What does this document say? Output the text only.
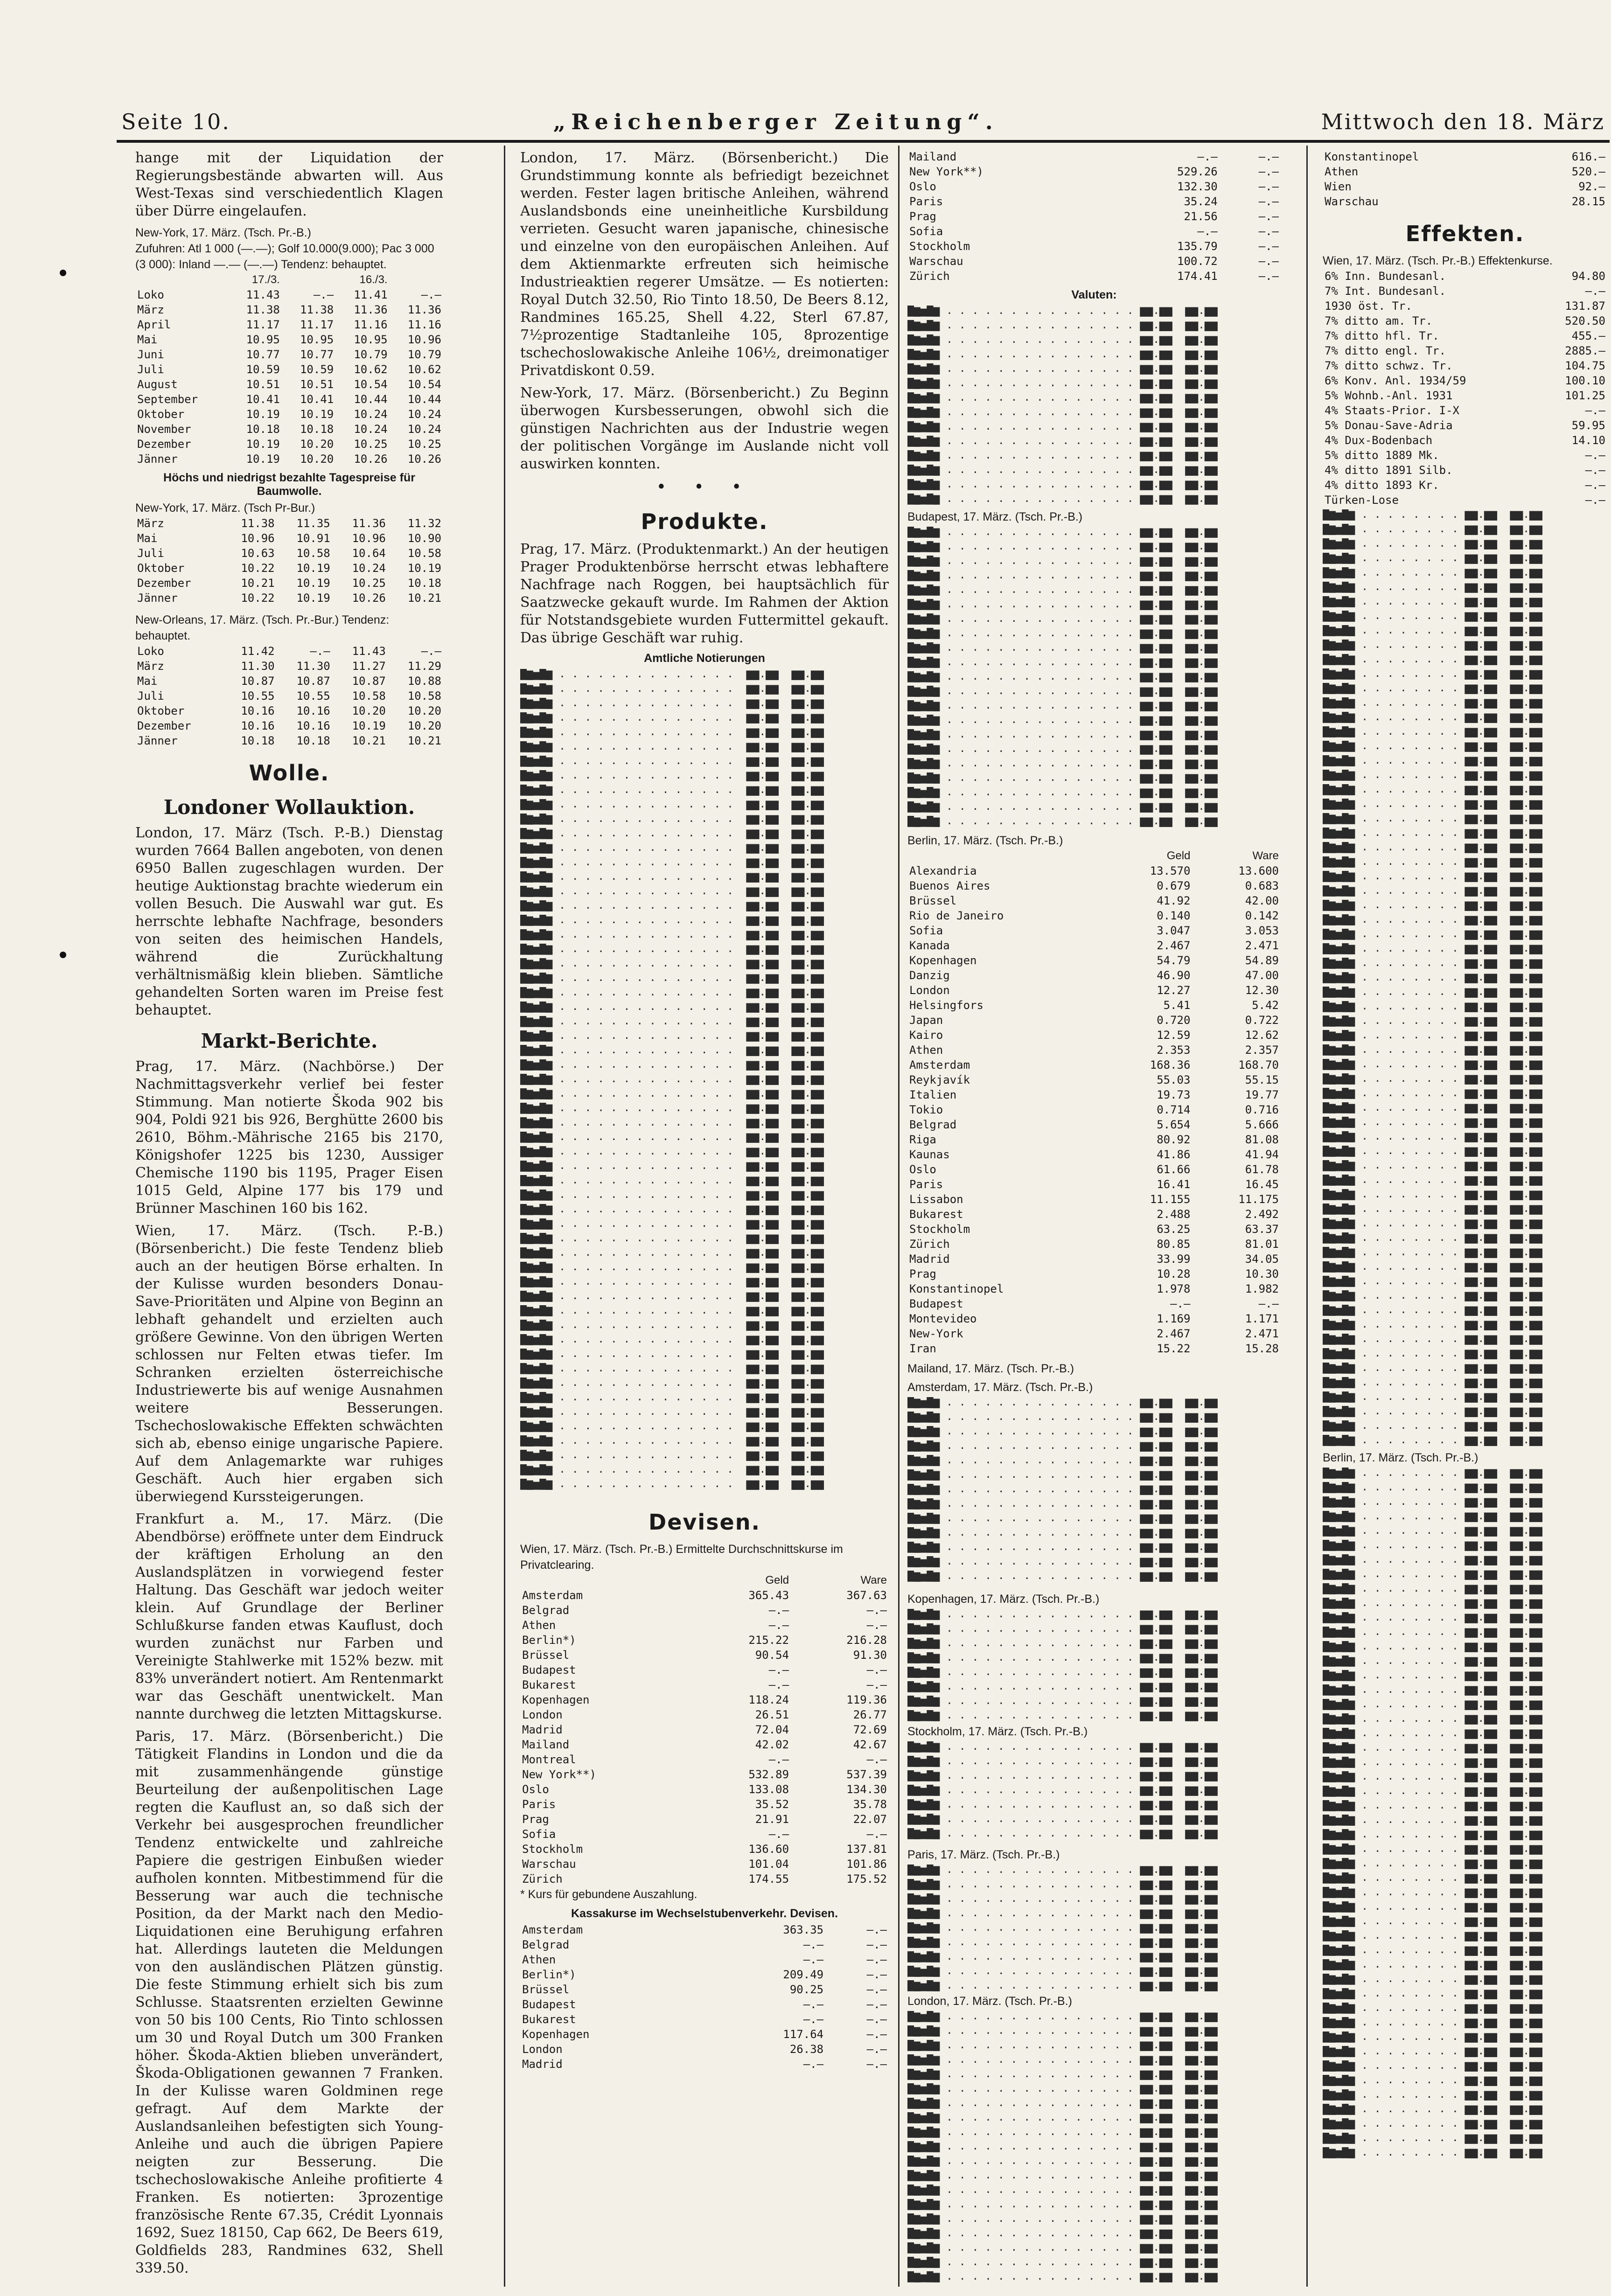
Seite 10.	„Reichenberger Zeitung“.	Mittwoch den 18. März

hange mit der Liquidation der Regierungsbestände abwarten will. Aus West-Texas sind verschiedentlich Klagen über Dürre eingelaufen.

New-York, 17. März. (Tsch. Pr.-B.)
Zufuhren: Atl 1 000 (—.—); Golf 10.000(9.000); Pac 3 000 (3 000): Inland —.— (—.—) Tendenz: behauptet.
	17./3.		16./3.	
Loko	11.43	—.—	11.41	—.—
März	11.38	11.38	11.36	11.36
April	11.17	11.17	11.16	11.16
Mai	10.95	10.95	10.95	10.96
Juni	10.77	10.77	10.79	10.79
Juli	10.59	10.59	10.62	10.62
August	10.51	10.51	10.54	10.54
September	10.41	10.41	10.44	10.44
Oktober	10.19	10.19	10.24	10.24
November	10.18	10.18	10.24	10.24
Dezember	10.19	10.20	10.25	10.25
Jänner	10.19	10.20	10.26	10.26
Höchs und niedrigst bezahlte Tagespreise für Baumwolle.
New-York, 17. März. (Tsch Pr-Bur.)
März	11.38	11.35	11.36	11.32
Mai	10.96	10.91	10.96	10.90
Juli	10.63	10.58	10.64	10.58
Oktober	10.22	10.19	10.24	10.19
Dezember	10.21	10.19	10.25	10.18
Jänner	10.22	10.19	10.26	10.21
New-Orleans, 17. März. (Tsch. Pr.-Bur.) Tendenz: behauptet.
Loko	11.42	—.—	11.43	—.—
März	11.30	11.30	11.27	11.29
Mai	10.87	10.87	10.87	10.88
Juli	10.55	10.55	10.58	10.58
Oktober	10.16	10.16	10.20	10.20
Dezember	10.16	10.16	10.19	10.20
Jänner	10.18	10.18	10.21	10.21
Wolle.
Londoner Wollauktion.

London, 17. März (Tsch. P.-B.) Dienstag wurden 7664 Ballen angeboten, von denen 6950 Ballen zugeschlagen wurden. Der heutige Auktionstag brachte wiederum ein vollen Besuch. Die Auswahl war gut. Es herrschte lebhafte Nachfrage, besonders von seiten des heimischen Handels, während die Zurückhaltung verhältnismäßig klein blieben. Sämtliche gehandelten Sorten waren im Preise fest behauptet.

Markt-Berichte.

Prag, 17. März. (Nachbörse.) Der Nachmittagsverkehr verlief bei fester Stimmung. Man notierte Škoda 902 bis 904, Poldi 921 bis 926, Berghütte 2600 bis 2610, Böhm.-Mährische 2165 bis 2170, Königshofer 1225 bis 1230, Aussiger Chemische 1190 bis 1195, Prager Eisen 1015 Geld, Alpine 177 bis 179 und Brünner Maschinen 160 bis 162.

Wien, 17. März. (Tsch. P.-B.) (Börsenbericht.) Die feste Tendenz blieb auch an der heutigen Börse erhalten. In der Kulisse wurden besonders Donau-Save-Prioritäten und Alpine von Beginn an lebhaft gehandelt und erzielten auch größere Gewinne. Von den übrigen Werten schlossen nur Felten etwas tiefer. Im Schranken erzielten österreichische Industriewerte bis auf wenige Ausnahmen weitere Besserungen. Tschechoslowakische Effekten schwächten sich ab, ebenso einige ungarische Papiere. Auf dem Anlagemarkte war ruhiges Geschäft. Auch hier ergaben sich überwiegend Kurssteigerungen.

Frankfurt a. M., 17. März. (Die Abendbörse) eröffnete unter dem Eindruck der kräftigen Erholung an den Auslandsplätzen in vorwiegend fester Haltung. Das Geschäft war jedoch weiter klein. Auf Grundlage der Berliner Schlußkurse fanden etwas Kauflust, doch wurden zunächst nur Farben und Vereinigte Stahlwerke mit 152% bezw. mit 83% unverändert notiert. Am Rentenmarkt war das Geschäft unentwickelt. Man nannte durchweg die letzten Mittagskurse.

Paris, 17. März. (Börsenbericht.) Die Tätigkeit Flandins in London und die da mit zusammenhängende günstige Beurteilung der außenpolitischen Lage regten die Kauflust an, so daß sich der Verkehr bei ausgesprochen freundlicher Tendenz entwickelte und zahlreiche Papiere die gestrigen Einbußen wieder aufholen konnten. Mitbestimmend für die Besserung war auch die technische Position, da der Markt nach den Medio-Liquidationen eine Beruhigung erfahren hat. Allerdings lauteten die Meldungen von den ausländischen Plätzen günstig. Die feste Stimmung erhielt sich bis zum Schlusse. Staatsrenten erzielten Gewinne von 50 bis 100 Cents, Rio Tinto schlossen um 30 und Royal Dutch um 300 Franken höher. Škoda-Aktien blieben unverändert, Škoda-Obligationen gewannen 7 Franken. In der Kulisse waren Goldminen rege gefragt. Auf dem Markte der Auslandsanleihen befestigten sich Young-Anleihe und auch die übrigen Papiere neigten zur Besserung. Die tschechoslowakische Anleihe profitierte 4 Franken. Es notierten: 3prozentige französische Rente 67.35, Crédit Lyonnais 1692, Suez 18150, Cap 662, De Beers 619, Goldfields 283, Randmines 632, Shell 339.50.

London, 17. März. (Börsenbericht.) Die Grundstimmung konnte als befriedigt bezeichnet werden. Fester lagen britische Anleihen, während Auslandsbonds eine uneinheitliche Kursbildung verrieten. Gesucht waren japanische, chinesische und einzelne von den europäischen Anleihen. Auf dem Aktienmarkte erfreuten sich heimische Industrieaktien regerer Umsätze. — Es notierten: Royal Dutch 32.50, Rio Tinto 18.50, De Beers 8.12, Randmines 165.25, Shell 4.22, Sterl 67.87, 7½prozentige Stadtanleihe 105, 8prozentige tschechoslowakische Anleihe 106½, dreimonatiger Privatdiskont 0.59.

New-York, 17. März. (Börsenbericht.) Zu Beginn überwogen Kursbesserungen, obwohl sich die günstigen Nachrichten aus der Industrie wegen der politischen Vorgänge im Auslande nicht voll auswirken konnten.

• • •
Produkte.

Prag, 17. März. (Produktenmarkt.) An der heutigen Prager Produktenbörse herrscht etwas lebhaftere Nachfrage nach Roggen, bei hauptsächlich für Saatzwecke gekauft wurde. Im Rahmen der Aktion für Notstandsgebiete wurden Futtermittel gekauft. Das übrige Geschäft war ruhig.

Amtliche Notierungen
▇▆▅▇▆ . . . . . . . . . . . . . .  ▆▆.▆▆  ▆▆.▆▆
▇▆▅▇▆ . . . . . . . . . . . . . .  ▆▆.▆▆  ▆▆.▆▆
▇▆▅▇▆ . . . . . . . . . . . . . .  ▆▆.▆▆  ▆▆.▆▆
▇▆▅▇▆ . . . . . . . . . . . . . .  ▆▆.▆▆  ▆▆.▆▆
▇▆▅▇▆ . . . . . . . . . . . . . .  ▆▆.▆▆  ▆▆.▆▆
▇▆▅▇▆ . . . . . . . . . . . . . .  ▆▆.▆▆  ▆▆.▆▆
▇▆▅▇▆ . . . . . . . . . . . . . .  ▆▆.▆▆  ▆▆.▆▆
▇▆▅▇▆ . . . . . . . . . . . . . .  ▆▆.▆▆  ▆▆.▆▆
▇▆▅▇▆ . . . . . . . . . . . . . .  ▆▆.▆▆  ▆▆.▆▆
▇▆▅▇▆ . . . . . . . . . . . . . .  ▆▆.▆▆  ▆▆.▆▆
▇▆▅▇▆ . . . . . . . . . . . . . .  ▆▆.▆▆  ▆▆.▆▆
▇▆▅▇▆ . . . . . . . . . . . . . .  ▆▆.▆▆  ▆▆.▆▆
▇▆▅▇▆ . . . . . . . . . . . . . .  ▆▆.▆▆  ▆▆.▆▆
▇▆▅▇▆ . . . . . . . . . . . . . .  ▆▆.▆▆  ▆▆.▆▆
▇▆▅▇▆ . . . . . . . . . . . . . .  ▆▆.▆▆  ▆▆.▆▆
▇▆▅▇▆ . . . . . . . . . . . . . .  ▆▆.▆▆  ▆▆.▆▆
▇▆▅▇▆ . . . . . . . . . . . . . .  ▆▆.▆▆  ▆▆.▆▆
▇▆▅▇▆ . . . . . . . . . . . . . .  ▆▆.▆▆  ▆▆.▆▆
▇▆▅▇▆ . . . . . . . . . . . . . .  ▆▆.▆▆  ▆▆.▆▆
▇▆▅▇▆ . . . . . . . . . . . . . .  ▆▆.▆▆  ▆▆.▆▆
▇▆▅▇▆ . . . . . . . . . . . . . .  ▆▆.▆▆  ▆▆.▆▆
▇▆▅▇▆ . . . . . . . . . . . . . .  ▆▆.▆▆  ▆▆.▆▆
▇▆▅▇▆ . . . . . . . . . . . . . .  ▆▆.▆▆  ▆▆.▆▆
▇▆▅▇▆ . . . . . . . . . . . . . .  ▆▆.▆▆  ▆▆.▆▆
▇▆▅▇▆ . . . . . . . . . . . . . .  ▆▆.▆▆  ▆▆.▆▆
▇▆▅▇▆ . . . . . . . . . . . . . .  ▆▆.▆▆  ▆▆.▆▆
▇▆▅▇▆ . . . . . . . . . . . . . .  ▆▆.▆▆  ▆▆.▆▆
▇▆▅▇▆ . . . . . . . . . . . . . .  ▆▆.▆▆  ▆▆.▆▆
▇▆▅▇▆ . . . . . . . . . . . . . .  ▆▆.▆▆  ▆▆.▆▆
▇▆▅▇▆ . . . . . . . . . . . . . .  ▆▆.▆▆  ▆▆.▆▆
▇▆▅▇▆ . . . . . . . . . . . . . .  ▆▆.▆▆  ▆▆.▆▆
▇▆▅▇▆ . . . . . . . . . . . . . .  ▆▆.▆▆  ▆▆.▆▆
▇▆▅▇▆ . . . . . . . . . . . . . .  ▆▆.▆▆  ▆▆.▆▆
▇▆▅▇▆ . . . . . . . . . . . . . .  ▆▆.▆▆  ▆▆.▆▆
▇▆▅▇▆ . . . . . . . . . . . . . .  ▆▆.▆▆  ▆▆.▆▆
▇▆▅▇▆ . . . . . . . . . . . . . .  ▆▆.▆▆  ▆▆.▆▆
▇▆▅▇▆ . . . . . . . . . . . . . .  ▆▆.▆▆  ▆▆.▆▆
▇▆▅▇▆ . . . . . . . . . . . . . .  ▆▆.▆▆  ▆▆.▆▆
▇▆▅▇▆ . . . . . . . . . . . . . .  ▆▆.▆▆  ▆▆.▆▆
▇▆▅▇▆ . . . . . . . . . . . . . .  ▆▆.▆▆  ▆▆.▆▆
▇▆▅▇▆ . . . . . . . . . . . . . .  ▆▆.▆▆  ▆▆.▆▆
▇▆▅▇▆ . . . . . . . . . . . . . .  ▆▆.▆▆  ▆▆.▆▆
▇▆▅▇▆ . . . . . . . . . . . . . .  ▆▆.▆▆  ▆▆.▆▆
▇▆▅▇▆ . . . . . . . . . . . . . .  ▆▆.▆▆  ▆▆.▆▆
▇▆▅▇▆ . . . . . . . . . . . . . .  ▆▆.▆▆  ▆▆.▆▆
▇▆▅▇▆ . . . . . . . . . . . . . .  ▆▆.▆▆  ▆▆.▆▆
▇▆▅▇▆ . . . . . . . . . . . . . .  ▆▆.▆▆  ▆▆.▆▆
▇▆▅▇▆ . . . . . . . . . . . . . .  ▆▆.▆▆  ▆▆.▆▆
▇▆▅▇▆ . . . . . . . . . . . . . .  ▆▆.▆▆  ▆▆.▆▆
▇▆▅▇▆ . . . . . . . . . . . . . .  ▆▆.▆▆  ▆▆.▆▆
▇▆▅▇▆ . . . . . . . . . . . . . .  ▆▆.▆▆  ▆▆.▆▆
▇▆▅▇▆ . . . . . . . . . . . . . .  ▆▆.▆▆  ▆▆.▆▆
▇▆▅▇▆ . . . . . . . . . . . . . .  ▆▆.▆▆  ▆▆.▆▆
▇▆▅▇▆ . . . . . . . . . . . . . .  ▆▆.▆▆  ▆▆.▆▆
▇▆▅▇▆ . . . . . . . . . . . . . .  ▆▆.▆▆  ▆▆.▆▆
▇▆▅▇▆ . . . . . . . . . . . . . .  ▆▆.▆▆  ▆▆.▆▆
▇▆▅▇▆ . . . . . . . . . . . . . .  ▆▆.▆▆  ▆▆.▆▆

Devisen.
Wien, 17. März. (Tsch. Pr.-B.) Ermittelte Durchschnittskurse im Privatclearing.
	Geld	Ware
Amsterdam	365.43	367.63
Belgrad	—.—	—.—
Athen	—.—	—.—
Berlin*)	215.22	216.28
Brüssel	90.54	91.30
Budapest	—.—	—.—
Bukarest	—.—	—.—
Kopenhagen	118.24	119.36
London	26.51	26.77
Madrid	72.04	72.69
Mailand	42.02	42.67
Montreal	—.—	—.—
New York**)	532.89	537.39
Oslo	133.08	134.30
Paris	35.52	35.78
Prag	21.91	22.07
Sofia	—.—	—.—
Stockholm	136.60	137.81
Warschau	101.04	101.86
Zürich	174.55	175.52
* Kurs für gebundene Auszahlung.
Kassakurse im Wechselstubenverkehr. Devisen.
Amsterdam	363.35	—.—
Belgrad	—.—	—.—
Athen	—.—	—.—
Berlin*)	209.49	—.—
Brüssel	90.25	—.—
Budapest	—.—	—.—
Bukarest	—.—	—.—
Kopenhagen	117.64	—.—
London	26.38	—.—
Madrid	—.—	—.—
Mailand	—.—	—.—
New York**)	529.26	—.—
Oslo	132.30	—.—
Paris	35.24	—.—
Prag	21.56	—.—
Sofia	—.—	—.—
Stockholm	135.79	—.—
Warschau	100.72	—.—
Zürich	174.41	—.—
Valuten:
▇▆▅▇▆ . . . . . . . . . . . . . . . ▆▆.▆▆  ▆▆.▆▆
▇▆▅▇▆ . . . . . . . . . . . . . . . ▆▆.▆▆  ▆▆.▆▆
▇▆▅▇▆ . . . . . . . . . . . . . . . ▆▆.▆▆  ▆▆.▆▆
▇▆▅▇▆ . . . . . . . . . . . . . . . ▆▆.▆▆  ▆▆.▆▆
▇▆▅▇▆ . . . . . . . . . . . . . . . ▆▆.▆▆  ▆▆.▆▆
▇▆▅▇▆ . . . . . . . . . . . . . . . ▆▆.▆▆  ▆▆.▆▆
▇▆▅▇▆ . . . . . . . . . . . . . . . ▆▆.▆▆  ▆▆.▆▆
▇▆▅▇▆ . . . . . . . . . . . . . . . ▆▆.▆▆  ▆▆.▆▆
▇▆▅▇▆ . . . . . . . . . . . . . . . ▆▆.▆▆  ▆▆.▆▆
▇▆▅▇▆ . . . . . . . . . . . . . . . ▆▆.▆▆  ▆▆.▆▆
▇▆▅▇▆ . . . . . . . . . . . . . . . ▆▆.▆▆  ▆▆.▆▆
▇▆▅▇▆ . . . . . . . . . . . . . . . ▆▆.▆▆  ▆▆.▆▆
▇▆▅▇▆ . . . . . . . . . . . . . . . ▆▆.▆▆  ▆▆.▆▆
▇▆▅▇▆ . . . . . . . . . . . . . . . ▆▆.▆▆  ▆▆.▆▆

Budapest, 17. März. (Tsch. Pr.-B.)
▇▆▅▇▆ . . . . . . . . . . . . . . . ▆▆.▆▆  ▆▆.▆▆
▇▆▅▇▆ . . . . . . . . . . . . . . . ▆▆.▆▆  ▆▆.▆▆
▇▆▅▇▆ . . . . . . . . . . . . . . . ▆▆.▆▆  ▆▆.▆▆
▇▆▅▇▆ . . . . . . . . . . . . . . . ▆▆.▆▆  ▆▆.▆▆
▇▆▅▇▆ . . . . . . . . . . . . . . . ▆▆.▆▆  ▆▆.▆▆
▇▆▅▇▆ . . . . . . . . . . . . . . . ▆▆.▆▆  ▆▆.▆▆
▇▆▅▇▆ . . . . . . . . . . . . . . . ▆▆.▆▆  ▆▆.▆▆
▇▆▅▇▆ . . . . . . . . . . . . . . . ▆▆.▆▆  ▆▆.▆▆
▇▆▅▇▆ . . . . . . . . . . . . . . . ▆▆.▆▆  ▆▆.▆▆
▇▆▅▇▆ . . . . . . . . . . . . . . . ▆▆.▆▆  ▆▆.▆▆
▇▆▅▇▆ . . . . . . . . . . . . . . . ▆▆.▆▆  ▆▆.▆▆
▇▆▅▇▆ . . . . . . . . . . . . . . . ▆▆.▆▆  ▆▆.▆▆
▇▆▅▇▆ . . . . . . . . . . . . . . . ▆▆.▆▆  ▆▆.▆▆
▇▆▅▇▆ . . . . . . . . . . . . . . . ▆▆.▆▆  ▆▆.▆▆
▇▆▅▇▆ . . . . . . . . . . . . . . . ▆▆.▆▆  ▆▆.▆▆
▇▆▅▇▆ . . . . . . . . . . . . . . . ▆▆.▆▆  ▆▆.▆▆
▇▆▅▇▆ . . . . . . . . . . . . . . . ▆▆.▆▆  ▆▆.▆▆
▇▆▅▇▆ . . . . . . . . . . . . . . . ▆▆.▆▆  ▆▆.▆▆
▇▆▅▇▆ . . . . . . . . . . . . . . . ▆▆.▆▆  ▆▆.▆▆
▇▆▅▇▆ . . . . . . . . . . . . . . . ▆▆.▆▆  ▆▆.▆▆
▇▆▅▇▆ . . . . . . . . . . . . . . . ▆▆.▆▆  ▆▆.▆▆

Berlin, 17. März. (Tsch. Pr.-B.)
	Geld	Ware
Alexandria	13.570	13.600
Buenos Aires	0.679	0.683
Brüssel	41.92	42.00
Rio de Janeiro	0.140	0.142
Sofia	3.047	3.053
Kanada	2.467	2.471
Kopenhagen	54.79	54.89
Danzig	46.90	47.00
London	12.27	12.30
Helsingfors	5.41	5.42
Japan	0.720	0.722
Kairo	12.59	12.62
Athen	2.353	2.357
Amsterdam	168.36	168.70
Reykjavík	55.03	55.15
Italien	19.73	19.77
Tokio	0.714	0.716
Belgrad	5.654	5.666
Riga	80.92	81.08
Kaunas	41.86	41.94
Oslo	61.66	61.78
Paris	16.41	16.45
Lissabon	11.155	11.175
Bukarest	2.488	2.492
Stockholm	63.25	63.37
Zürich	80.85	81.01
Madrid	33.99	34.05
Prag	10.28	10.30
Konstantinopel	1.978	1.982
Budapest	—.—	—.—
Montevideo	1.169	1.171
New-York	2.467	2.471
Iran	15.22	15.28
Mailand, 17. März. (Tsch. Pr.-B.)
Amsterdam, 17. März. (Tsch. Pr.-B.)
▇▆▅▇▆ . . . . . . . . . . . . . . . ▆▆.▆▆  ▆▆.▆▆
▇▆▅▇▆ . . . . . . . . . . . . . . . ▆▆.▆▆  ▆▆.▆▆
▇▆▅▇▆ . . . . . . . . . . . . . . . ▆▆.▆▆  ▆▆.▆▆
▇▆▅▇▆ . . . . . . . . . . . . . . . ▆▆.▆▆  ▆▆.▆▆
▇▆▅▇▆ . . . . . . . . . . . . . . . ▆▆.▆▆  ▆▆.▆▆
▇▆▅▇▆ . . . . . . . . . . . . . . . ▆▆.▆▆  ▆▆.▆▆
▇▆▅▇▆ . . . . . . . . . . . . . . . ▆▆.▆▆  ▆▆.▆▆
▇▆▅▇▆ . . . . . . . . . . . . . . . ▆▆.▆▆  ▆▆.▆▆
▇▆▅▇▆ . . . . . . . . . . . . . . . ▆▆.▆▆  ▆▆.▆▆
▇▆▅▇▆ . . . . . . . . . . . . . . . ▆▆.▆▆  ▆▆.▆▆
▇▆▅▇▆ . . . . . . . . . . . . . . . ▆▆.▆▆  ▆▆.▆▆
▇▆▅▇▆ . . . . . . . . . . . . . . . ▆▆.▆▆  ▆▆.▆▆
▇▆▅▇▆ . . . . . . . . . . . . . . . ▆▆.▆▆  ▆▆.▆▆

Kopenhagen, 17. März. (Tsch. Pr.-B.)
▇▆▅▇▆ . . . . . . . . . . . . . . . ▆▆.▆▆  ▆▆.▆▆
▇▆▅▇▆ . . . . . . . . . . . . . . . ▆▆.▆▆  ▆▆.▆▆
▇▆▅▇▆ . . . . . . . . . . . . . . . ▆▆.▆▆  ▆▆.▆▆
▇▆▅▇▆ . . . . . . . . . . . . . . . ▆▆.▆▆  ▆▆.▆▆
▇▆▅▇▆ . . . . . . . . . . . . . . . ▆▆.▆▆  ▆▆.▆▆
▇▆▅▇▆ . . . . . . . . . . . . . . . ▆▆.▆▆  ▆▆.▆▆
▇▆▅▇▆ . . . . . . . . . . . . . . . ▆▆.▆▆  ▆▆.▆▆
▇▆▅▇▆ . . . . . . . . . . . . . . . ▆▆.▆▆  ▆▆.▆▆

Stockholm, 17. März. (Tsch. Pr.-B.)
▇▆▅▇▆ . . . . . . . . . . . . . . . ▆▆.▆▆  ▆▆.▆▆
▇▆▅▇▆ . . . . . . . . . . . . . . . ▆▆.▆▆  ▆▆.▆▆
▇▆▅▇▆ . . . . . . . . . . . . . . . ▆▆.▆▆  ▆▆.▆▆
▇▆▅▇▆ . . . . . . . . . . . . . . . ▆▆.▆▆  ▆▆.▆▆
▇▆▅▇▆ . . . . . . . . . . . . . . . ▆▆.▆▆  ▆▆.▆▆
▇▆▅▇▆ . . . . . . . . . . . . . . . ▆▆.▆▆  ▆▆.▆▆
▇▆▅▇▆ . . . . . . . . . . . . . . . ▆▆.▆▆  ▆▆.▆▆

Paris, 17. März. (Tsch. Pr.-B.)
▇▆▅▇▆ . . . . . . . . . . . . . . . ▆▆.▆▆  ▆▆.▆▆
▇▆▅▇▆ . . . . . . . . . . . . . . . ▆▆.▆▆  ▆▆.▆▆
▇▆▅▇▆ . . . . . . . . . . . . . . . ▆▆.▆▆  ▆▆.▆▆
▇▆▅▇▆ . . . . . . . . . . . . . . . ▆▆.▆▆  ▆▆.▆▆
▇▆▅▇▆ . . . . . . . . . . . . . . . ▆▆.▆▆  ▆▆.▆▆
▇▆▅▇▆ . . . . . . . . . . . . . . . ▆▆.▆▆  ▆▆.▆▆
▇▆▅▇▆ . . . . . . . . . . . . . . . ▆▆.▆▆  ▆▆.▆▆
▇▆▅▇▆ . . . . . . . . . . . . . . . ▆▆.▆▆  ▆▆.▆▆
▇▆▅▇▆ . . . . . . . . . . . . . . . ▆▆.▆▆  ▆▆.▆▆

London, 17. März. (Tsch. Pr.-B.)
▇▆▅▇▆ . . . . . . . . . . . . . . . ▆▆.▆▆  ▆▆.▆▆
▇▆▅▇▆ . . . . . . . . . . . . . . . ▆▆.▆▆  ▆▆.▆▆
▇▆▅▇▆ . . . . . . . . . . . . . . . ▆▆.▆▆  ▆▆.▆▆
▇▆▅▇▆ . . . . . . . . . . . . . . . ▆▆.▆▆  ▆▆.▆▆
▇▆▅▇▆ . . . . . . . . . . . . . . . ▆▆.▆▆  ▆▆.▆▆
▇▆▅▇▆ . . . . . . . . . . . . . . . ▆▆.▆▆  ▆▆.▆▆
▇▆▅▇▆ . . . . . . . . . . . . . . . ▆▆.▆▆  ▆▆.▆▆
▇▆▅▇▆ . . . . . . . . . . . . . . . ▆▆.▆▆  ▆▆.▆▆
▇▆▅▇▆ . . . . . . . . . . . . . . . ▆▆.▆▆  ▆▆.▆▆
▇▆▅▇▆ . . . . . . . . . . . . . . . ▆▆.▆▆  ▆▆.▆▆
▇▆▅▇▆ . . . . . . . . . . . . . . . ▆▆.▆▆  ▆▆.▆▆
▇▆▅▇▆ . . . . . . . . . . . . . . . ▆▆.▆▆  ▆▆.▆▆
▇▆▅▇▆ . . . . . . . . . . . . . . . ▆▆.▆▆  ▆▆.▆▆
▇▆▅▇▆ . . . . . . . . . . . . . . . ▆▆.▆▆  ▆▆.▆▆
▇▆▅▇▆ . . . . . . . . . . . . . . . ▆▆.▆▆  ▆▆.▆▆
▇▆▅▇▆ . . . . . . . . . . . . . . . ▆▆.▆▆  ▆▆.▆▆
▇▆▅▇▆ . . . . . . . . . . . . . . . ▆▆.▆▆  ▆▆.▆▆
▇▆▅▇▆ . . . . . . . . . . . . . . . ▆▆.▆▆  ▆▆.▆▆
▇▆▅▇▆ . . . . . . . . . . . . . . . ▆▆.▆▆  ▆▆.▆▆

Konstantinopel	616.—
Athen	520.—
Wien	92.—
Warschau	28.15
Effekten.
Wien, 17. März. (Tsch. Pr.-B.) Effektenkurse.
6% Inn. Bundesanl.	94.80
7% Int. Bundesanl.	—.—
1930 öst. Tr.	131.87
7% ditto am. Tr.	520.50
7% ditto hfl. Tr.	455.—
7% ditto engl. Tr.	2885.—
7% ditto schwz. Tr.	104.75
6% Konv. Anl. 1934/59	100.10
5% Wohnb.-Anl. 1931	101.25
4% Staats-Prior. I-X	—.—
5% Donau-Save-Adria	59.95
4% Dux-Bodenbach	14.10
5% ditto 1889 Mk.	—.—
4% ditto 1891 Silb.	—.—
4% ditto 1893 Kr.	—.—
Türken-Lose	—.—
▇▆▅▇▆ . . . . . . . . ▆▆.▆▆  ▆▆.▆▆
▇▆▅▇▆ . . . . . . . . ▆▆.▆▆  ▆▆.▆▆
▇▆▅▇▆ . . . . . . . . ▆▆.▆▆  ▆▆.▆▆
▇▆▅▇▆ . . . . . . . . ▆▆.▆▆  ▆▆.▆▆
▇▆▅▇▆ . . . . . . . . ▆▆.▆▆  ▆▆.▆▆
▇▆▅▇▆ . . . . . . . . ▆▆.▆▆  ▆▆.▆▆
▇▆▅▇▆ . . . . . . . . ▆▆.▆▆  ▆▆.▆▆
▇▆▅▇▆ . . . . . . . . ▆▆.▆▆  ▆▆.▆▆
▇▆▅▇▆ . . . . . . . . ▆▆.▆▆  ▆▆.▆▆
▇▆▅▇▆ . . . . . . . . ▆▆.▆▆  ▆▆.▆▆
▇▆▅▇▆ . . . . . . . . ▆▆.▆▆  ▆▆.▆▆
▇▆▅▇▆ . . . . . . . . ▆▆.▆▆  ▆▆.▆▆
▇▆▅▇▆ . . . . . . . . ▆▆.▆▆  ▆▆.▆▆
▇▆▅▇▆ . . . . . . . . ▆▆.▆▆  ▆▆.▆▆
▇▆▅▇▆ . . . . . . . . ▆▆.▆▆  ▆▆.▆▆
▇▆▅▇▆ . . . . . . . . ▆▆.▆▆  ▆▆.▆▆
▇▆▅▇▆ . . . . . . . . ▆▆.▆▆  ▆▆.▆▆
▇▆▅▇▆ . . . . . . . . ▆▆.▆▆  ▆▆.▆▆
▇▆▅▇▆ . . . . . . . . ▆▆.▆▆  ▆▆.▆▆
▇▆▅▇▆ . . . . . . . . ▆▆.▆▆  ▆▆.▆▆
▇▆▅▇▆ . . . . . . . . ▆▆.▆▆  ▆▆.▆▆
▇▆▅▇▆ . . . . . . . . ▆▆.▆▆  ▆▆.▆▆
▇▆▅▇▆ . . . . . . . . ▆▆.▆▆  ▆▆.▆▆
▇▆▅▇▆ . . . . . . . . ▆▆.▆▆  ▆▆.▆▆
▇▆▅▇▆ . . . . . . . . ▆▆.▆▆  ▆▆.▆▆
▇▆▅▇▆ . . . . . . . . ▆▆.▆▆  ▆▆.▆▆
▇▆▅▇▆ . . . . . . . . ▆▆.▆▆  ▆▆.▆▆
▇▆▅▇▆ . . . . . . . . ▆▆.▆▆  ▆▆.▆▆
▇▆▅▇▆ . . . . . . . . ▆▆.▆▆  ▆▆.▆▆
▇▆▅▇▆ . . . . . . . . ▆▆.▆▆  ▆▆.▆▆
▇▆▅▇▆ . . . . . . . . ▆▆.▆▆  ▆▆.▆▆
▇▆▅▇▆ . . . . . . . . ▆▆.▆▆  ▆▆.▆▆
▇▆▅▇▆ . . . . . . . . ▆▆.▆▆  ▆▆.▆▆
▇▆▅▇▆ . . . . . . . . ▆▆.▆▆  ▆▆.▆▆
▇▆▅▇▆ . . . . . . . . ▆▆.▆▆  ▆▆.▆▆
▇▆▅▇▆ . . . . . . . . ▆▆.▆▆  ▆▆.▆▆
▇▆▅▇▆ . . . . . . . . ▆▆.▆▆  ▆▆.▆▆
▇▆▅▇▆ . . . . . . . . ▆▆.▆▆  ▆▆.▆▆
▇▆▅▇▆ . . . . . . . . ▆▆.▆▆  ▆▆.▆▆
▇▆▅▇▆ . . . . . . . . ▆▆.▆▆  ▆▆.▆▆
▇▆▅▇▆ . . . . . . . . ▆▆.▆▆  ▆▆.▆▆
▇▆▅▇▆ . . . . . . . . ▆▆.▆▆  ▆▆.▆▆
▇▆▅▇▆ . . . . . . . . ▆▆.▆▆  ▆▆.▆▆
▇▆▅▇▆ . . . . . . . . ▆▆.▆▆  ▆▆.▆▆
▇▆▅▇▆ . . . . . . . . ▆▆.▆▆  ▆▆.▆▆
▇▆▅▇▆ . . . . . . . . ▆▆.▆▆  ▆▆.▆▆
▇▆▅▇▆ . . . . . . . . ▆▆.▆▆  ▆▆.▆▆
▇▆▅▇▆ . . . . . . . . ▆▆.▆▆  ▆▆.▆▆
▇▆▅▇▆ . . . . . . . . ▆▆.▆▆  ▆▆.▆▆
▇▆▅▇▆ . . . . . . . . ▆▆.▆▆  ▆▆.▆▆
▇▆▅▇▆ . . . . . . . . ▆▆.▆▆  ▆▆.▆▆
▇▆▅▇▆ . . . . . . . . ▆▆.▆▆  ▆▆.▆▆
▇▆▅▇▆ . . . . . . . . ▆▆.▆▆  ▆▆.▆▆
▇▆▅▇▆ . . . . . . . . ▆▆.▆▆  ▆▆.▆▆
▇▆▅▇▆ . . . . . . . . ▆▆.▆▆  ▆▆.▆▆
▇▆▅▇▆ . . . . . . . . ▆▆.▆▆  ▆▆.▆▆
▇▆▅▇▆ . . . . . . . . ▆▆.▆▆  ▆▆.▆▆
▇▆▅▇▆ . . . . . . . . ▆▆.▆▆  ▆▆.▆▆
▇▆▅▇▆ . . . . . . . . ▆▆.▆▆  ▆▆.▆▆
▇▆▅▇▆ . . . . . . . . ▆▆.▆▆  ▆▆.▆▆
▇▆▅▇▆ . . . . . . . . ▆▆.▆▆  ▆▆.▆▆
▇▆▅▇▆ . . . . . . . . ▆▆.▆▆  ▆▆.▆▆
▇▆▅▇▆ . . . . . . . . ▆▆.▆▆  ▆▆.▆▆
▇▆▅▇▆ . . . . . . . . ▆▆.▆▆  ▆▆.▆▆
▇▆▅▇▆ . . . . . . . . ▆▆.▆▆  ▆▆.▆▆

Berlin, 17. März. (Tsch. Pr.-B.)
▇▆▅▇▆ . . . . . . . . ▆▆.▆▆  ▆▆.▆▆
▇▆▅▇▆ . . . . . . . . ▆▆.▆▆  ▆▆.▆▆
▇▆▅▇▆ . . . . . . . . ▆▆.▆▆  ▆▆.▆▆
▇▆▅▇▆ . . . . . . . . ▆▆.▆▆  ▆▆.▆▆
▇▆▅▇▆ . . . . . . . . ▆▆.▆▆  ▆▆.▆▆
▇▆▅▇▆ . . . . . . . . ▆▆.▆▆  ▆▆.▆▆
▇▆▅▇▆ . . . . . . . . ▆▆.▆▆  ▆▆.▆▆
▇▆▅▇▆ . . . . . . . . ▆▆.▆▆  ▆▆.▆▆
▇▆▅▇▆ . . . . . . . . ▆▆.▆▆  ▆▆.▆▆
▇▆▅▇▆ . . . . . . . . ▆▆.▆▆  ▆▆.▆▆
▇▆▅▇▆ . . . . . . . . ▆▆.▆▆  ▆▆.▆▆
▇▆▅▇▆ . . . . . . . . ▆▆.▆▆  ▆▆.▆▆
▇▆▅▇▆ . . . . . . . . ▆▆.▆▆  ▆▆.▆▆
▇▆▅▇▆ . . . . . . . . ▆▆.▆▆  ▆▆.▆▆
▇▆▅▇▆ . . . . . . . . ▆▆.▆▆  ▆▆.▆▆
▇▆▅▇▆ . . . . . . . . ▆▆.▆▆  ▆▆.▆▆
▇▆▅▇▆ . . . . . . . . ▆▆.▆▆  ▆▆.▆▆
▇▆▅▇▆ . . . . . . . . ▆▆.▆▆  ▆▆.▆▆
▇▆▅▇▆ . . . . . . . . ▆▆.▆▆  ▆▆.▆▆
▇▆▅▇▆ . . . . . . . . ▆▆.▆▆  ▆▆.▆▆
▇▆▅▇▆ . . . . . . . . ▆▆.▆▆  ▆▆.▆▆
▇▆▅▇▆ . . . . . . . . ▆▆.▆▆  ▆▆.▆▆
▇▆▅▇▆ . . . . . . . . ▆▆.▆▆  ▆▆.▆▆
▇▆▅▇▆ . . . . . . . . ▆▆.▆▆  ▆▆.▆▆
▇▆▅▇▆ . . . . . . . . ▆▆.▆▆  ▆▆.▆▆
▇▆▅▇▆ . . . . . . . . ▆▆.▆▆  ▆▆.▆▆
▇▆▅▇▆ . . . . . . . . ▆▆.▆▆  ▆▆.▆▆
▇▆▅▇▆ . . . . . . . . ▆▆.▆▆  ▆▆.▆▆
▇▆▅▇▆ . . . . . . . . ▆▆.▆▆  ▆▆.▆▆
▇▆▅▇▆ . . . . . . . . ▆▆.▆▆  ▆▆.▆▆
▇▆▅▇▆ . . . . . . . . ▆▆.▆▆  ▆▆.▆▆
▇▆▅▇▆ . . . . . . . . ▆▆.▆▆  ▆▆.▆▆
▇▆▅▇▆ . . . . . . . . ▆▆.▆▆  ▆▆.▆▆
▇▆▅▇▆ . . . . . . . . ▆▆.▆▆  ▆▆.▆▆
▇▆▅▇▆ . . . . . . . . ▆▆.▆▆  ▆▆.▆▆
▇▆▅▇▆ . . . . . . . . ▆▆.▆▆  ▆▆.▆▆
▇▆▅▇▆ . . . . . . . . ▆▆.▆▆  ▆▆.▆▆
▇▆▅▇▆ . . . . . . . . ▆▆.▆▆  ▆▆.▆▆
▇▆▅▇▆ . . . . . . . . ▆▆.▆▆  ▆▆.▆▆
▇▆▅▇▆ . . . . . . . . ▆▆.▆▆  ▆▆.▆▆
▇▆▅▇▆ . . . . . . . . ▆▆.▆▆  ▆▆.▆▆
▇▆▅▇▆ . . . . . . . . ▆▆.▆▆  ▆▆.▆▆
▇▆▅▇▆ . . . . . . . . ▆▆.▆▆  ▆▆.▆▆
▇▆▅▇▆ . . . . . . . . ▆▆.▆▆  ▆▆.▆▆
▇▆▅▇▆ . . . . . . . . ▆▆.▆▆  ▆▆.▆▆
▇▆▅▇▆ . . . . . . . . ▆▆.▆▆  ▆▆.▆▆
▇▆▅▇▆ . . . . . . . . ▆▆.▆▆  ▆▆.▆▆
▇▆▅▇▆ . . . . . . . . ▆▆.▆▆  ▆▆.▆▆
